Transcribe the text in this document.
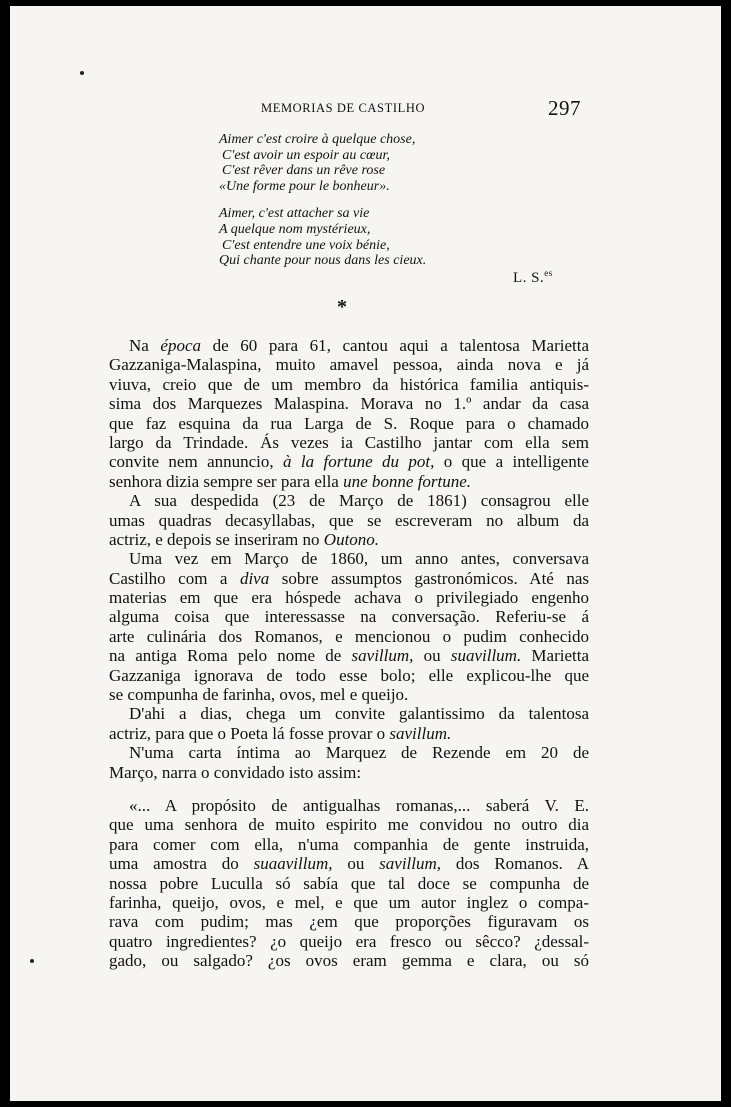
MEMORIAS DE CASTILHO	297
Aimer c'est croire à quelque chose,
C'est avoir un espoir au cœur,
C'est rêver dans un rêve rose
«Une forme pour le bonheur».
Aimer, c'est attacher sa vie
A quelque nom mystérieux,
C'est entendre une voix bénie,
Qui chante pour nous dans les cieux.
L. S.$^{es}$
*
Na época de 60 para 61, cantou aqui a talentosa Marietta
Gazzaniga-Malaspina, muito amavel pessoa, ainda nova e já
viuva, creio que de um membro da histórica familia antiquis-
sima dos Marquezes Malaspina. Morava no 1.º andar da casa
que faz esquina da rua Larga de S. Roque para o chamado
largo da Trindade. Ás vezes ia Castilho jantar com ella sem
convite nem annuncio, à la fortune du pot, o que a intelligente
senhora dizia sempre ser para ella une bonne fortune.
A sua despedida (23 de Março de 1861) consagrou elle
umas quadras decasyllabas, que se escreveram no album da
actriz, e depois se inseriram no Outono.
Uma vez em Março de 1860, um anno antes, conversava
Castilho com a diva sobre assumptos gastronómicos. Até nas
materias em que era hóspede achava o privilegiado engenho
alguma coisa que interessasse na conversação. Referiu-se á
arte culinária dos Romanos, e mencionou o pudim conhecido
na antiga Roma pelo nome de savillum, ou suavillum. Marietta
Gazzaniga ignorava de todo esse bolo; elle explicou-lhe que
se compunha de farinha, ovos, mel e queijo.
D'ahi a dias, chega um convite galantissimo da talentosa
actriz, para que o Poeta lá fosse provar o savillum.
N'uma carta íntima ao Marquez de Rezende em 20 de
Março, narra o convidado isto assim:
«... A propósito de antigualhas romanas,... saberá V. E.
que uma senhora de muito espirito me convidou no outro dia
para comer com ella, n'uma companhia de gente instruida,
uma amostra do suaavillum, ou savillum, dos Romanos. A
nossa pobre Luculla só sabía que tal doce se compunha de
farinha, queijo, ovos, e mel, e que um autor inglez o compa-
rava com pudim; mas ¿em que proporções figuravam os
quatro ingredientes? ¿o queijo era fresco ou sêcco? ¿dessal-
gado, ou salgado? ¿os ovos eram gemma e clara, ou só
